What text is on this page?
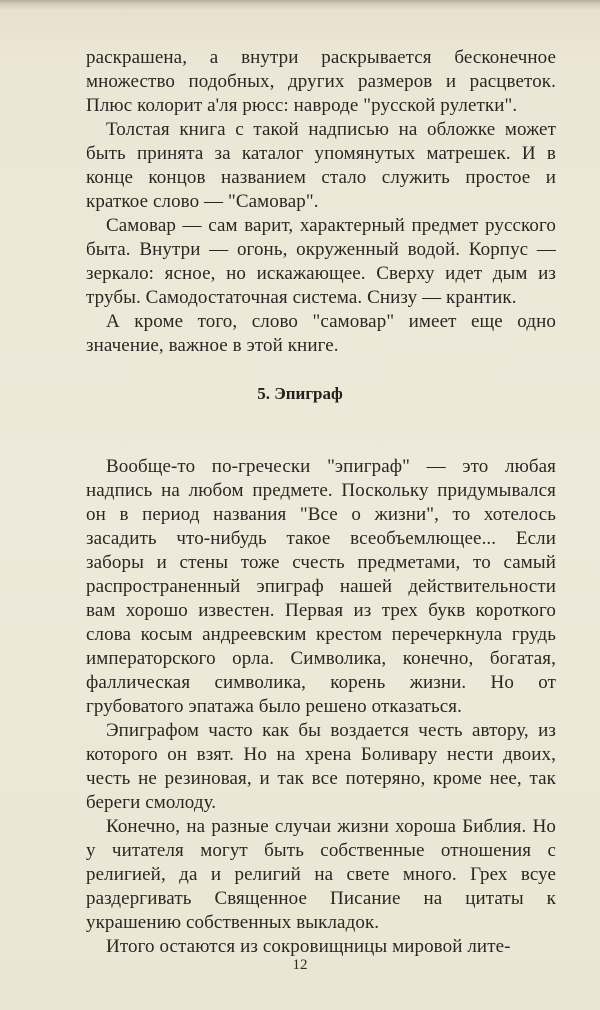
раскрашена, а внутри раскрывается бесконечное множество подобных, других размеров и расцветок. Плюс колорит а'ля рюсс: навроде "русской рулетки".

Толстая книга с такой надписью на обложке может быть принята за каталог упомянутых матрешек. И в конце концов названием стало служить простое и краткое слово — "Самовар".

Самовар — сам варит, характерный предмет русского быта. Внутри — огонь, окруженный водой. Корпус — зеркало: ясное, но искажающее. Сверху идет дым из трубы. Самодостаточная система. Снизу — крантик.

А кроме того, слово "самовар" имеет еще одно значение, важное в этой книге.

5. Эпиграф

Вообще-то по-гречески "эпиграф" — это любая надпись на любом предмете. Поскольку придумывался он в период названия "Все о жизни", то хотелось засадить что-нибудь такое всеобъемлющее... Если заборы и стены тоже счесть предметами, то самый распространенный эпиграф нашей действительности вам хорошо известен. Первая из трех букв короткого слова косым андреевским крестом перечеркнула грудь императорского орла. Символика, конечно, богатая, фаллическая символика, корень жизни. Но от грубоватого эпатажа было решено отказаться.

Эпиграфом часто как бы воздается честь автору, из которого он взят. Но на хрена Боливару нести двоих, честь не резиновая, и так все потеряно, кроме нее, так береги смолоду.

Конечно, на разные случаи жизни хороша Библия. Но у читателя могут быть собственные отношения с религией, да и религий на свете много. Грех всуе раздергивать Священное Писание на цитаты к украшению собственных выкладок.

Итого остаются из сокровищницы мировой лите-

12
